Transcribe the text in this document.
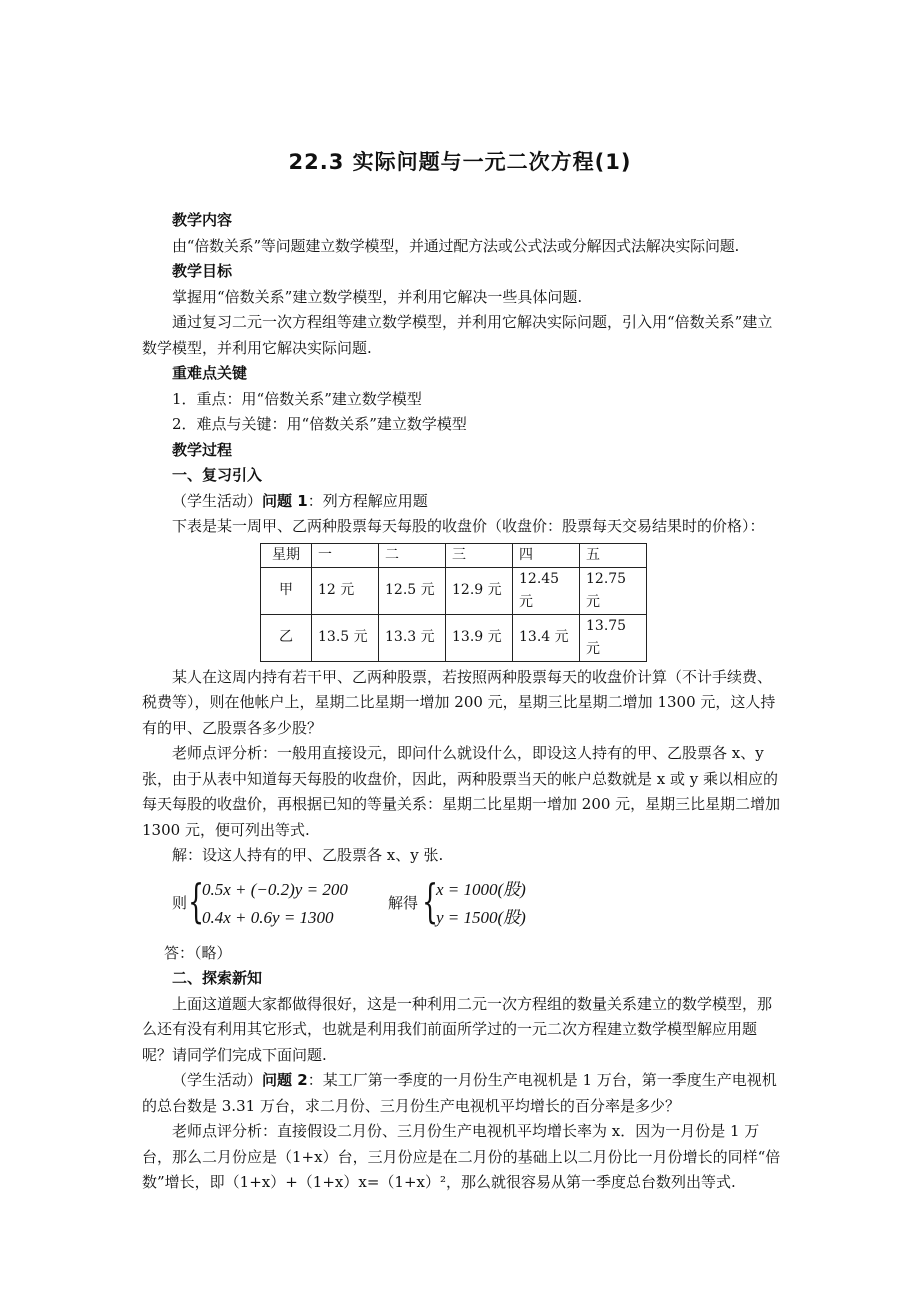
22.3 实际问题与一元二次方程(1)

教学内容

由“倍数关系”等问题建立数学模型，并通过配方法或公式法或分解因式法解决实际问题.

教学目标

掌握用“倍数关系”建立数学模型，并利用它解决一些具体问题.

通过复习二元一次方程组等建立数学模型，并利用它解决实际问题，引入用“倍数关系”建立数学模型，并利用它解决实际问题.

重难点关键

1．重点：用“倍数关系”建立数学模型

2．难点与关键：用“倍数关系”建立数学模型

教学过程

一、复习引入

（学生活动）问题 1：列方程解应用题

下表是某一周甲、乙两种股票每天每股的收盘价（收盘价：股票每天交易结果时的价格）：

星期	一	二	三	四	五
甲	12 元	12.5 元	12.9 元	12.45 元	12.75 元
乙	13.5 元	13.3 元	13.9 元	13.4 元	13.75 元

某人在这周内持有若干甲、乙两种股票，若按照两种股票每天的收盘价计算（不计手续费、税费等），则在他帐户上，星期二比星期一增加 200 元，星期三比星期二增加 1300 元，这人持有的甲、乙股票各多少股？

老师点评分析：一般用直接设元，即问什么就设什么，即设这人持有的甲、乙股票各 x、y 张，由于从表中知道每天每股的收盘价，因此，两种股票当天的帐户总数就是 x 或 y 乘以相应的每天每股的收盘价，再根据已知的等量关系：星期二比星期一增加 200 元，星期三比星期二增加 1300 元，便可列出等式.

解：设这人持有的甲、乙股票各 x、y 张.

则 {
0.5x + (−0.2)y = 200
0.4x + 0.6y = 1300
解得 {
x = 1000(股)
y = 1500(股)

答：（略）

二、探索新知

上面这道题大家都做得很好，这是一种利用二元一次方程组的数量关系建立的数学模型，那么还有没有利用其它形式，也就是利用我们前面所学过的一元二次方程建立数学模型解应用题呢？请同学们完成下面问题.

（学生活动）问题 2：某工厂第一季度的一月份生产电视机是 1 万台，第一季度生产电视机的总台数是 3.31 万台，求二月份、三月份生产电视机平均增长的百分率是多少？

老师点评分析：直接假设二月份、三月份生产电视机平均增长率为 x．因为一月份是 1 万台，那么二月份应是（1+x）台，三月份应是在二月份的基础上以二月份比一月份增长的同样“倍数”增长，即（1+x）+（1+x）x=（1+x）²，那么就很容易从第一季度总台数列出等式.
